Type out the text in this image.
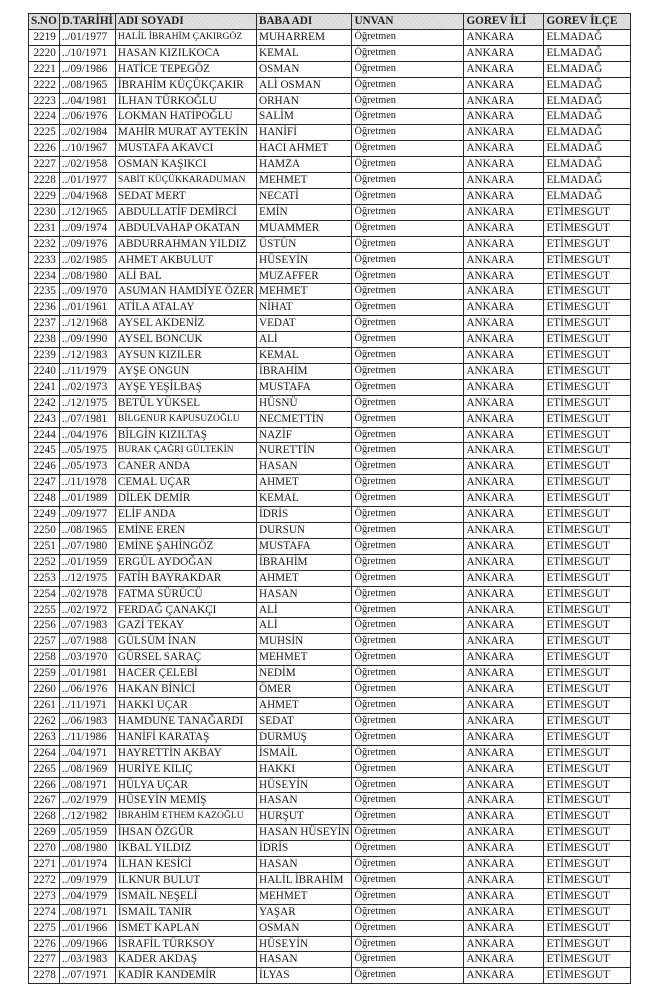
S.NO	D.TARİHİ	ADI SOYADI	BABA ADI	UNVAN	GOREV İLİ	GOREV İLÇE
2219	../01/1977	HALİL İBRAHİM ÇAKIRGÖZ	MUHARREM	Öğretmen	ANKARA	ELMADAĞ
2220	../10/1971	HASAN KIZILKOCA	KEMAL	Öğretmen	ANKARA	ELMADAĞ
2221	../09/1986	HATİCE TEPEGÖZ	OSMAN	Öğretmen	ANKARA	ELMADAĞ
2222	../08/1965	İBRAHİM KÜÇÜKÇAKIR	ALİ OSMAN	Öğretmen	ANKARA	ELMADAĞ
2223	../04/1981	İLHAN TÜRKOĞLU	ORHAN	Öğretmen	ANKARA	ELMADAĞ
2224	../06/1976	LOKMAN HATİPOĞLU	SALİM	Öğretmen	ANKARA	ELMADAĞ
2225	../02/1984	MAHİR MURAT AYTEKİN	HANİFİ	Öğretmen	ANKARA	ELMADAĞ
2226	../10/1967	MUSTAFA AKAVCI	HACI AHMET	Öğretmen	ANKARA	ELMADAĞ
2227	../02/1958	OSMAN KAŞIKCI	HAMZA	Öğretmen	ANKARA	ELMADAĞ
2228	../01/1977	SABİT KÜÇÜKKARADUMAN	MEHMET	Öğretmen	ANKARA	ELMADAĞ
2229	../04/1968	SEDAT MERT	NECATİ	Öğretmen	ANKARA	ELMADAĞ
2230	../12/1965	ABDULLATİF DEMİRCİ	EMİN	Öğretmen	ANKARA	ETİMESGUT
2231	../09/1974	ABDULVAHAP OKATAN	MUAMMER	Öğretmen	ANKARA	ETİMESGUT
2232	../09/1976	ABDURRAHMAN YILDIZ	ÜSTÜN	Öğretmen	ANKARA	ETİMESGUT
2233	../02/1985	AHMET AKBULUT	HÜSEYİN	Öğretmen	ANKARA	ETİMESGUT
2234	../08/1980	ALİ BAL	MUZAFFER	Öğretmen	ANKARA	ETİMESGUT
2235	../09/1970	ASUMAN HAMDİYE ÖZER	MEHMET	Öğretmen	ANKARA	ETİMESGUT
2236	../01/1961	ATİLA ATALAY	NİHAT	Öğretmen	ANKARA	ETİMESGUT
2237	../12/1968	AYSEL AKDENİZ	VEDAT	Öğretmen	ANKARA	ETİMESGUT
2238	../09/1990	AYSEL BONCUK	ALİ	Öğretmen	ANKARA	ETİMESGUT
2239	../12/1983	AYSUN KIZILER	KEMAL	Öğretmen	ANKARA	ETİMESGUT
2240	../11/1979	AYŞE ONGUN	İBRAHİM	Öğretmen	ANKARA	ETİMESGUT
2241	../02/1973	AYŞE YEŞİLBAŞ	MUSTAFA	Öğretmen	ANKARA	ETİMESGUT
2242	../12/1975	BETÜL YÜKSEL	HÜSNÜ	Öğretmen	ANKARA	ETİMESGUT
2243	../07/1981	BİLGENUR KAPUSUZOĞLU	NECMETTİN	Öğretmen	ANKARA	ETİMESGUT
2244	../04/1976	BİLGİN KIZILTAŞ	NAZİF	Öğretmen	ANKARA	ETİMESGUT
2245	../05/1975	BURAK ÇAĞRI GÜLTEKİN	NURETTİN	Öğretmen	ANKARA	ETİMESGUT
2246	../05/1973	CANER ANDA	HASAN	Öğretmen	ANKARA	ETİMESGUT
2247	../11/1978	CEMAL UÇAR	AHMET	Öğretmen	ANKARA	ETİMESGUT
2248	../01/1989	DİLEK DEMİR	KEMAL	Öğretmen	ANKARA	ETİMESGUT
2249	../09/1977	ELİF ANDA	İDRİS	Öğretmen	ANKARA	ETİMESGUT
2250	../08/1965	EMİNE EREN	DURSUN	Öğretmen	ANKARA	ETİMESGUT
2251	../07/1980	EMİNE ŞAHİNGÖZ	MUSTAFA	Öğretmen	ANKARA	ETİMESGUT
2252	../01/1959	ERGÜL AYDOĞAN	İBRAHİM	Öğretmen	ANKARA	ETİMESGUT
2253	../12/1975	FATİH BAYRAKDAR	AHMET	Öğretmen	ANKARA	ETİMESGUT
2254	../02/1978	FATMA SÜRÜCÜ	HASAN	Öğretmen	ANKARA	ETİMESGUT
2255	../02/1972	FERDAĞ ÇANAKÇI	ALİ	Öğretmen	ANKARA	ETİMESGUT
2256	../07/1983	GAZİ TEKAY	ALİ	Öğretmen	ANKARA	ETİMESGUT
2257	../07/1988	GÜLSÜM İNAN	MUHSİN	Öğretmen	ANKARA	ETİMESGUT
2258	../03/1970	GÜRSEL SARAÇ	MEHMET	Öğretmen	ANKARA	ETİMESGUT
2259	../01/1981	HACER ÇELEBİ	NEDİM	Öğretmen	ANKARA	ETİMESGUT
2260	../06/1976	HAKAN BİNİCİ	ÖMER	Öğretmen	ANKARA	ETİMESGUT
2261	../11/1971	HAKKI UÇAR	AHMET	Öğretmen	ANKARA	ETİMESGUT
2262	../06/1983	HAMDUNE TANAĞARDI	SEDAT	Öğretmen	ANKARA	ETİMESGUT
2263	../11/1986	HANİFİ KARATAŞ	DURMUŞ	Öğretmen	ANKARA	ETİMESGUT
2264	../04/1971	HAYRETTİN AKBAY	İSMAİL	Öğretmen	ANKARA	ETİMESGUT
2265	../08/1969	HURİYE KILIÇ	HAKKI	Öğretmen	ANKARA	ETİMESGUT
2266	../08/1971	HÜLYA UÇAR	HÜSEYİN	Öğretmen	ANKARA	ETİMESGUT
2267	../02/1979	HÜSEYİN MEMİŞ	HASAN	Öğretmen	ANKARA	ETİMESGUT
2268	../12/1982	İBRAHİM ETHEM KAZOĞLU	HURŞUT	Öğretmen	ANKARA	ETİMESGUT
2269	../05/1959	İHSAN ÖZGÜR	HASAN HÜSEYİN	Öğretmen	ANKARA	ETİMESGUT
2270	../08/1980	İKBAL YILDIZ	İDRİS	Öğretmen	ANKARA	ETİMESGUT
2271	../01/1974	İLHAN KESİCİ	HASAN	Öğretmen	ANKARA	ETİMESGUT
2272	../09/1979	İLKNUR BULUT	HALİL İBRAHİM	Öğretmen	ANKARA	ETİMESGUT
2273	../04/1979	İSMAİL NEŞELİ	MEHMET	Öğretmen	ANKARA	ETİMESGUT
2274	../08/1971	İSMAİL TANIR	YAŞAR	Öğretmen	ANKARA	ETİMESGUT
2275	../01/1966	İSMET KAPLAN	OSMAN	Öğretmen	ANKARA	ETİMESGUT
2276	../09/1966	İSRAFİL TÜRKSOY	HÜSEYİN	Öğretmen	ANKARA	ETİMESGUT
2277	../03/1983	KADER AKDAŞ	HASAN	Öğretmen	ANKARA	ETİMESGUT
2278	../07/1971	KADİR KANDEMİR	İLYAS	Öğretmen	ANKARA	ETİMESGUT
